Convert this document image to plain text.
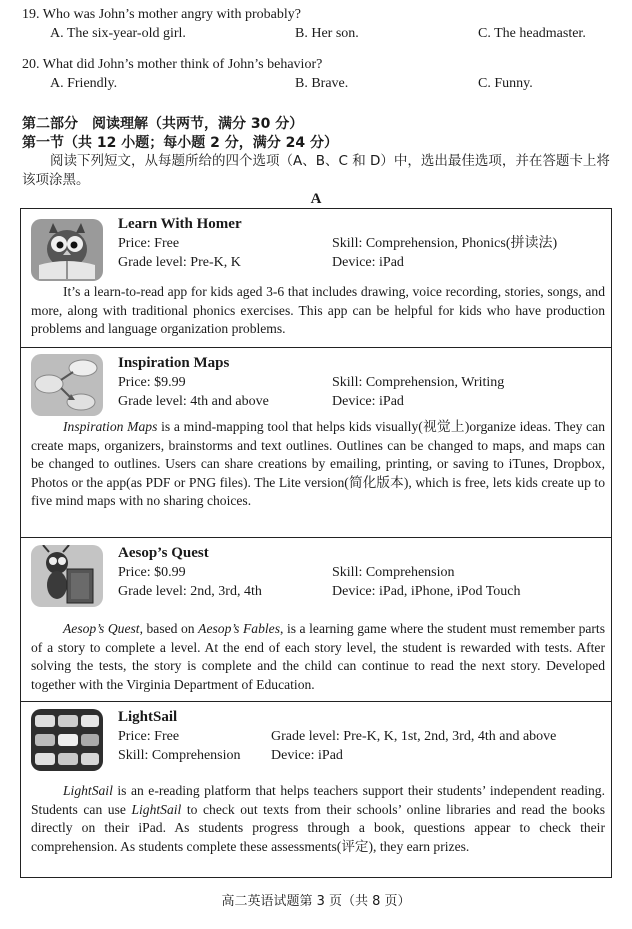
19. Who was John’s mother angry with probably?
A. The six-year-old girl.	B. Her son.	C. The headmaster.
20. What did John’s mother think of John’s behavior?
A. Friendly.	B. Brave.	C. Funny.
第二部分　阅读理解（共两节，满分 30 分）
第一节（共 12 小题；每小题 2 分，满分 24 分）
阅读下列短文，从每题所给的四个选项（A、B、C 和 D）中，选出最佳选项，并在答题卡上将该项涂黑。
A
Learn With Homer
Price: Free	Skill: Comprehension, Phonics(拼读法)
Grade level: Pre-K, K	Device: iPad
It’s a learn-to-read app for kids aged 3-6 that includes drawing, voice recording, stories, songs, and more, along with traditional phonics exercises. This app can be helpful for kids who have production problems and language organization problems.
Inspiration Maps
Price: $9.99	Skill: Comprehension, Writing
Grade level: 4th and above	Device: iPad
Inspiration Maps is a mind-mapping tool that helps kids visually(视觉上)organize ideas. They can create maps, organizers, brainstorms and text outlines. Outlines can be changed to maps, and maps can be changed to outlines. Users can share creations by emailing, printing, or saving to iTunes, Dropbox, Photos or the app(as PDF or PNG files). The Lite version(简化版本), which is free, lets kids create up to five mind maps with no sharing choices.
Aesop’s Quest
Price: $0.99	Skill: Comprehension
Grade level: 2nd, 3rd, 4th	Device: iPad, iPhone, iPod Touch
Aesop’s Quest, based on Aesop’s Fables, is a learning game where the student must remember parts of a story to complete a level. At the end of each story level, the student is rewarded with tests. After solving the tests, the story is complete and the child can continue to read the next story. Developed together with the Virginia Department of Education.
LightSail
Price: Free	Grade level: Pre-K, K, 1st, 2nd, 3rd, 4th and above
Skill: Comprehension Device: iPad
LightSail is an e-reading platform that helps teachers support their students’ independent reading. Students can use LightSail to check out texts from their schools’ online libraries and read the books directly on their iPad. As students progress through a book, questions appear to check their comprehension. As students complete these assessments(评定), they earn prizes.
高二英语试题第 3 页（共 8 页）
